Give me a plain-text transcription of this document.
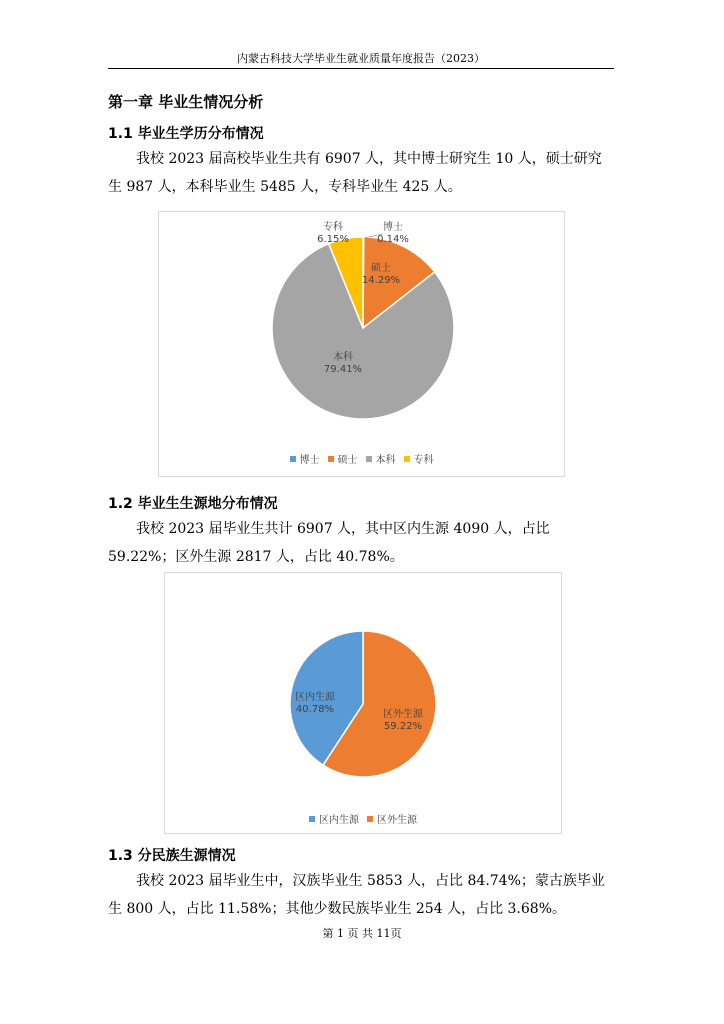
内蒙古科技大学毕业生就业质量年度报告（2023）
第一章 毕业生情况分析
1.1 毕业生学历分布情况

我校 2023 届高校毕业生共有 6907 人，其中博士研究生 10 人，硕士研究生 987 人，本科毕业生 5485 人，专科毕业生 425 人。

博士
0.14%
硕士
14.29%
本科
79.41%
专科
6.15%
博士 硕士 本科 专科
1.2 毕业生生源地分布情况

我校 2023 届毕业生共计 6907 人，其中区内生源 4090 人，占比 59.22%；区外生源 2817 人，占比 40.78%。

区内生源
40.78%	区外生源
59.22%
区内生源 区外生源
1.3 分民族生源情况

我校 2023 届毕业生中，汉族毕业生 5853 人，占比 84.74%；蒙古族毕业生 800 人，占比 11.58%；其他少数民族毕业生 254 人，占比 3.68%。

第 1 页 共 11页
